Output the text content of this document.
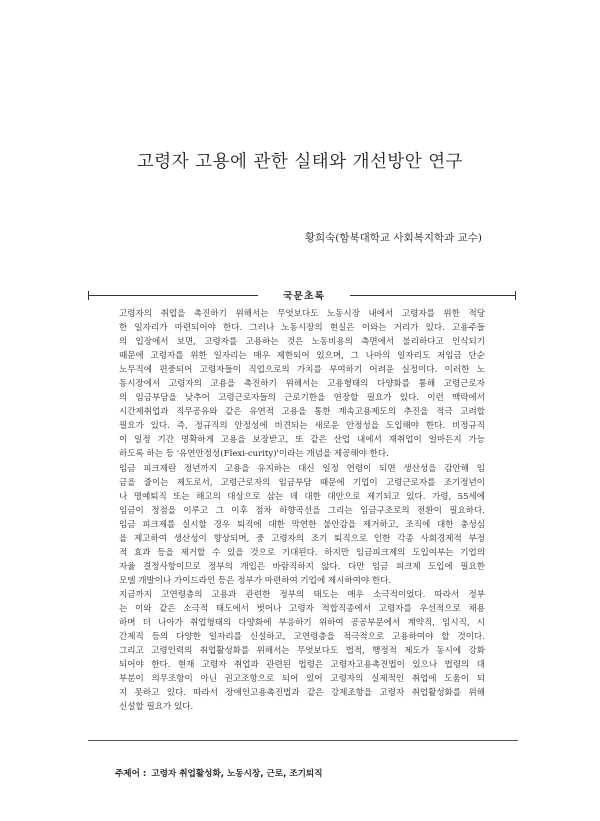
고령자 고용에 관한 실태와 개선방안 연구
황희숙(함북대학교 사회복지학과 교수)
국문초록
고령자의 취업을 촉진하기 위해서는 무엇보다도 노동시장 내에서 고령자를 위한 적당
한 일자리가 마련되어야 한다. 그러나 노동시장의 현실은 이와는 거리가 있다. 고용주들
의 입장에서 보면, 고령자를 고용하는 것은 노동비용의 측면에서 불리하다고 인식되기
때문에 고령자를 위한 일자리는 매우 제한되어 있으며, 그 나마의 일자리도 저임금 단순
노무직에 편중되어 고령자들이 직업으로의 가치를 부여하기 어려운 실정이다. 이러한 노
동시장에서 고령자의 고용을 촉진하기 위해서는 고용형태의 다양화를 통해 고령근로자
의 임금부담을 낮추어 고령근로자들의 근로기한을 연장할 필요가 있다. 이런 맥락에서
시간제취업과 직무공유와 같은 유연적 고용을 통한 계속고용제도의 추진을 적극 고려할
필요가 있다. 즉, 정규직의 안정성에 비견되는 새로운 안정성을 도입해야 한다. 비정규직
이 일정 기간 명확하게 고용을 보장받고, 또 같은 산업 내에서 재취업이 얼마든지 가능
하도록 하는 등 '유연안정성(Flexi-curity)'이라는 개념을 제공해야 한다.
임금 피크제란 정년까지 고용을 유지하는 대신 일정 연령이 되면 생산성을 감안해 임
금을 줄이는 제도로서, 고령근로자의 임금부담 때문에 기업이 고령근로자를 조기정년이
나 명예퇴직 또는 해고의 대상으로 삼는 데 대한 대안으로 제기되고 있다. 가령, 55세에
임금이 정점을 이루고 그 이후 점차 하향곡선을 그리는 임금구조로의 전환이 필요하다.
임금 피크제를 실시할 경우 퇴직에 대한 막연한 불안감을 제거하고, 조직에 대한 충성심
을 제고하여 생산성이 향상되며, 중 고령자의 조기 퇴직으로 인한 각종 사회경제적 부정
적 효과 등을 제거할 수 있을 것으로 기대된다. 하지만 임금피크제의 도입여부는 기업의
자율 결정사항이므로 정부의 개입은 바람직하지 않다. 다만 임금 피크제 도입에 필요한
모델 개발이나 가이드라인 등은 정부가 마련하여 기업에 제시하여야 한다.
지금까지 고연령층의 고용과 관련한 정부의 태도는 매우 소극적이었다. 따라서 정부
는 이와 같은 소극적 태도에서 벗어나 고령자 적합직종에서 고령자를 우선적으로 채용
하며 더 나아가 취업형태의 다양화에 부응하기 위하여 공공부문에서 계약직, 임시직, 시
간제직 등의 다양한 일자리를 신설하고, 고연령층을 적극적으로 고용하여야 할 것이다.
그리고 고령인력의 취업활성화를 위해서는 무엇보다도 법적, 행정적 제도가 동시에 강화
되어야 한다. 현재 고령자 취업과 관련된 법령은 고령자고용촉진법이 있으나 법령의 대
부분이 의무조항이 아닌 권고조항으로 되어 있어 고령자의 실제적인 취업에 도움이 되
지 못하고 있다. 따라서 장애인고용촉진법과 같은 강제조항을 고령자 취업활성화를 위해
신설할 필요가 있다.
주제어 : 고령자 취업활성화, 노동시장, 근로, 조기퇴직
